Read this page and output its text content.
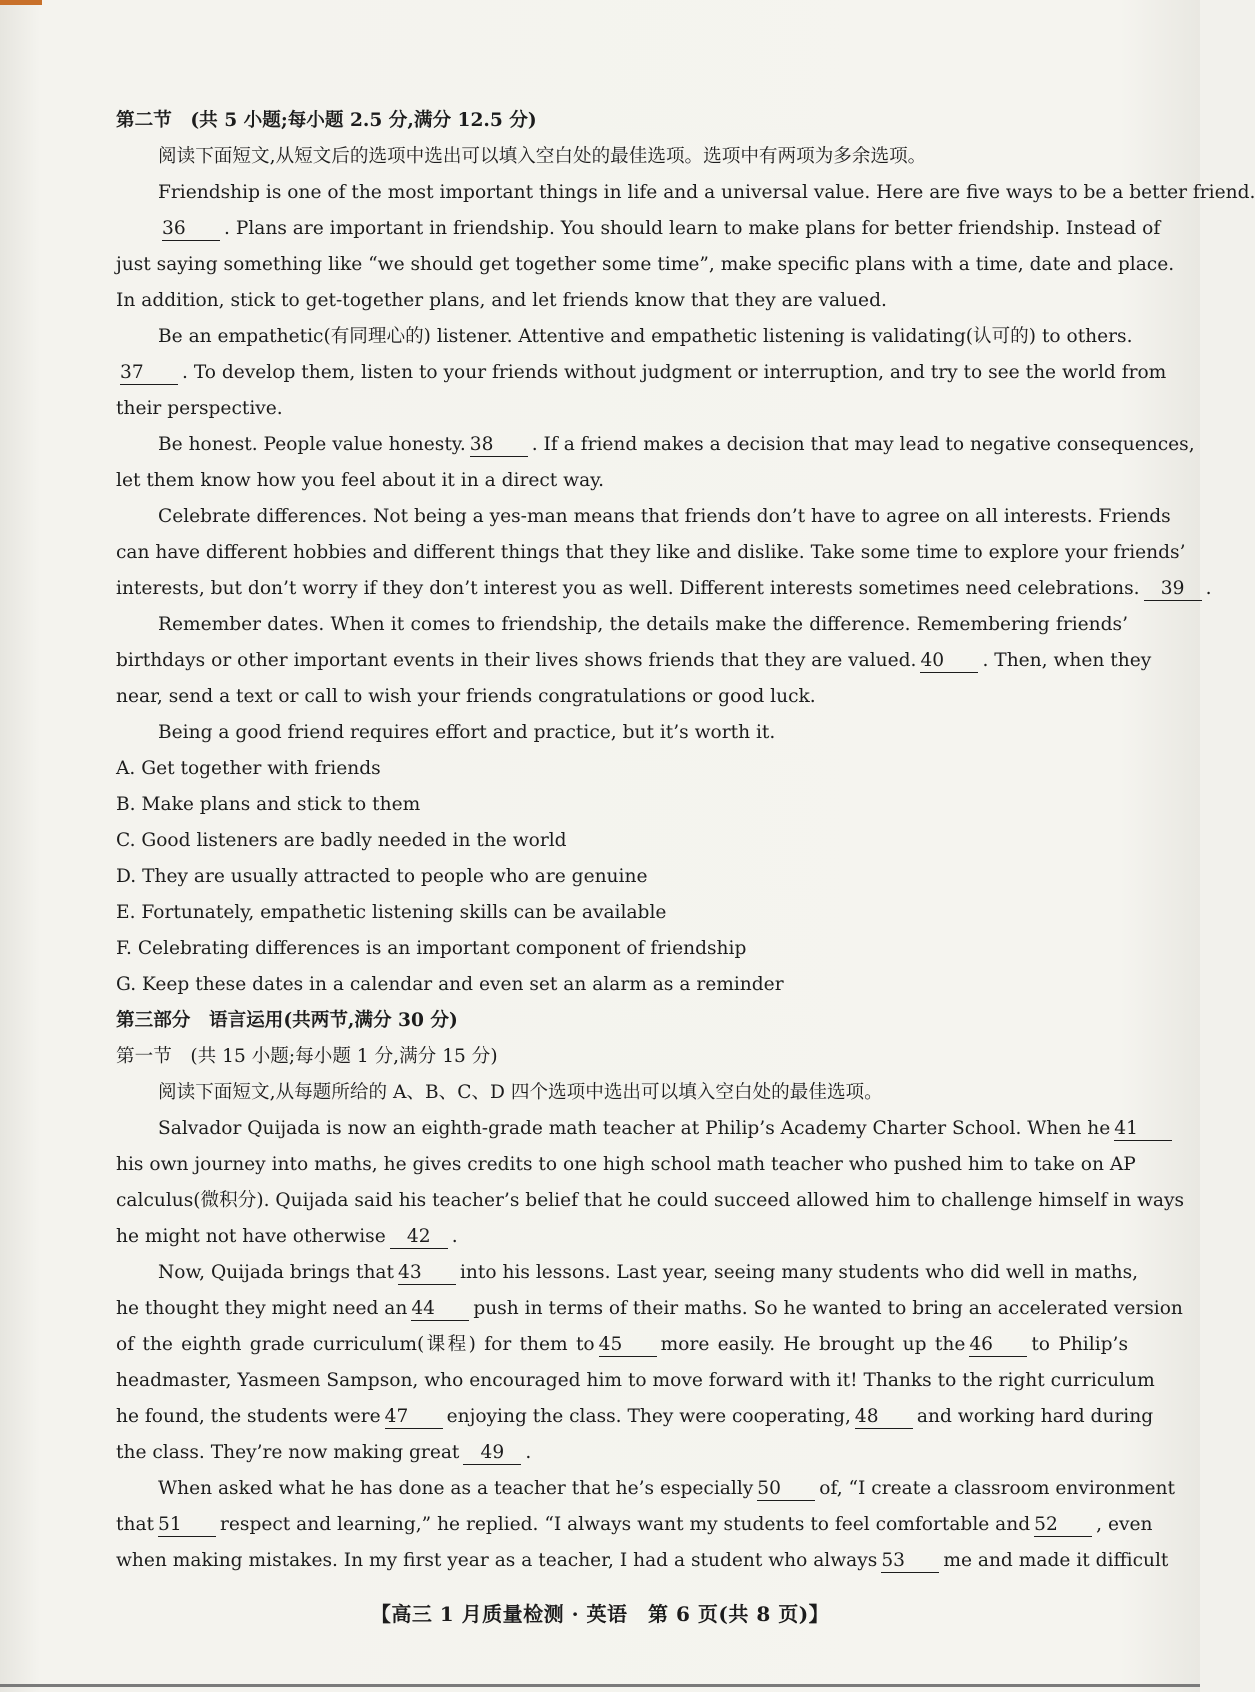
第二节　(共 5 小题;每小题 2.5 分,满分 12.5 分)
阅读下面短文,从短文后的选项中选出可以填入空白处的最佳选项。选项中有两项为多余选项。
Friendship is one of the most important things in life and a universal value. Here are five ways to be a better friend.
36 . Plans are important in friendship. You should learn to make plans for better friendship. Instead of
just saying something like “we should get together some time”, make specific plans with a time, date and place.
In addition, stick to get-together plans, and let friends know that they are valued.
Be an empathetic(有同理心的) listener. Attentive and empathetic listening is validating(认可的) to others.
37 . To develop them, listen to your friends without judgment or interruption, and try to see the world from
their perspective.
Be honest. People value honesty. 38 . If a friend makes a decision that may lead to negative consequences,
let them know how you feel about it in a direct way.
Celebrate differences. Not being a yes-man means that friends don’t have to agree on all interests. Friends
can have different hobbies and different things that they like and dislike. Take some time to explore your friends’
interests, but don’t worry if they don’t interest you as well. Different interests sometimes need celebrations. 39 .
Remember dates. When it comes to friendship, the details make the difference. Remembering friends’
birthdays or other important events in their lives shows friends that they are valued. 40 . Then, when they
near, send a text or call to wish your friends congratulations or good luck.
Being a good friend requires effort and practice, but it’s worth it.
A. Get together with friends
B. Make plans and stick to them
C. Good listeners are badly needed in the world
D. They are usually attracted to people who are genuine
E. Fortunately, empathetic listening skills can be available
F. Celebrating differences is an important component of friendship
G. Keep these dates in a calendar and even set an alarm as a reminder
第三部分　语言运用(共两节,满分 30 分)
第一节　(共 15 小题;每小题 1 分,满分 15 分)
阅读下面短文,从每题所给的 A、B、C、D 四个选项中选出可以填入空白处的最佳选项。
Salvador Quijada is now an eighth-grade math teacher at Philip’s Academy Charter School. When he 41
his own journey into maths, he gives credits to one high school math teacher who pushed him to take on AP
calculus(微积分). Quijada said his teacher’s belief that he could succeed allowed him to challenge himself in ways
he might not have otherwise 42 .
Now, Quijada brings that 43 into his lessons. Last year, seeing many students who did well in maths,
he thought they might need an 44 push in terms of their maths. So he wanted to bring an accelerated version
of the eighth grade curriculum(课程) for them to 45 more easily. He brought up the 46 to Philip’s
headmaster, Yasmeen Sampson, who encouraged him to move forward with it! Thanks to the right curriculum
he found, the students were 47 enjoying the class. They were cooperating, 48 and working hard during
the class. They’re now making great 49 .
When asked what he has done as a teacher that he’s especially 50 of, “I create a classroom environment
that 51 respect and learning,” he replied. “I always want my students to feel comfortable and 52 , even
when making mistakes. In my first year as a teacher, I had a student who always 53 me and made it difficult
【高三 1 月质量检测 · 英语　第 6 页(共 8 页)】
